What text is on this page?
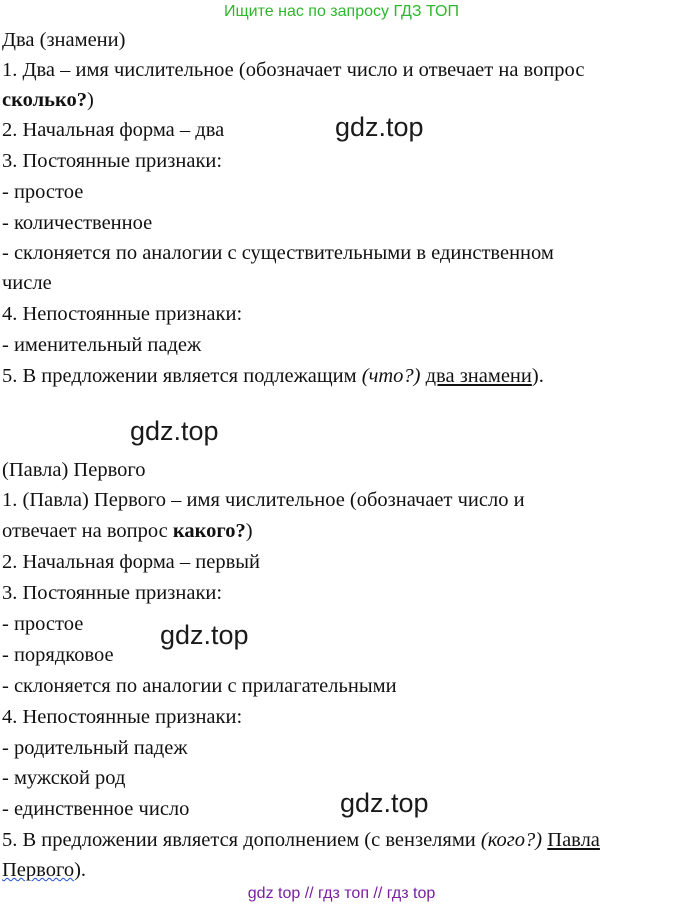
Ищите нас по запросу ГДЗ ТОП
Два (знамени)
1. Два – имя числительное (обозначает число и отвечает на вопрос
сколько?)
2. Начальная форма – два
3. Постоянные признаки:
- простое
- количественное
- склоняется по аналогии с существительными в единственном
числе
4. Непостоянные признаки:
- именительный падеж
5. В предложении является подлежащим (что?) два знамени).
(Павла) Первого
1. (Павла) Первого – имя числительное (обозначает число и
отвечает на вопрос какого?)
2. Начальная форма – первый
3. Постоянные признаки:
- простое
- порядковое
- склоняется по аналогии с прилагательными
4. Непостоянные признаки:
- родительный падеж
- мужской род
- единственное число
5. В предложении является дополнением (с вензелями (кого?) Павла
Первого).
gdz.top
gdz.top
gdz.top
gdz.top
gdz top // гдз топ // гдз top
